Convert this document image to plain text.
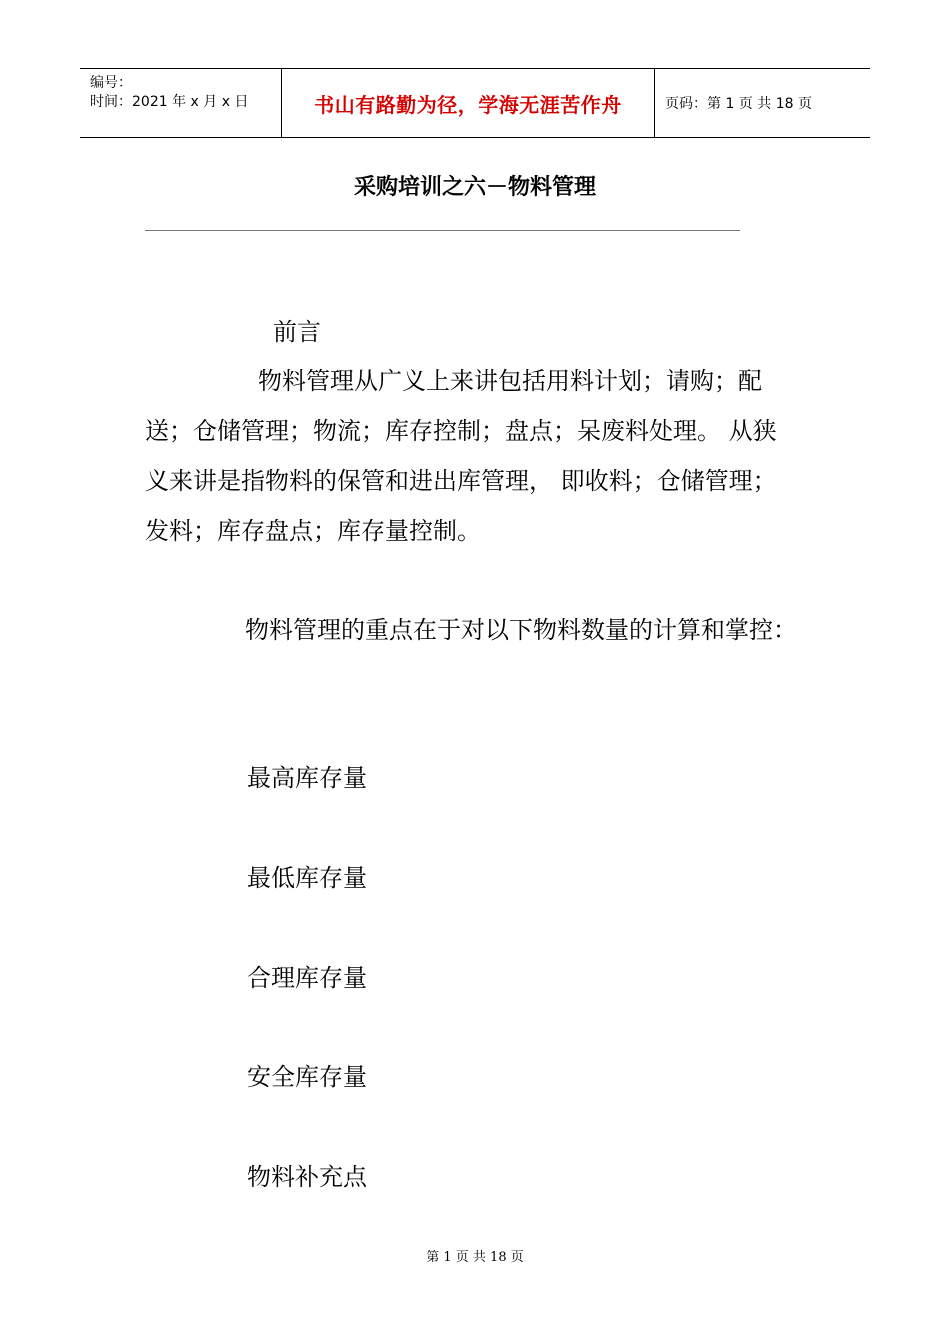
编号：
时间：2021 年 x 月 x 日	书山有路勤为径，学海无涯苦作舟	页码：第 1 页 共 18 页
采购培训之六－物料管理
前言
物料管理从广义上来讲包括用料计划；请购；配送；仓储管理；物流；库存控制；盘点；呆废料处理。 从狭义来讲是指物料的保管和进出库管理， 即收料；仓储管理；发料；库存盘点；库存量控制。
物料管理的重点在于对以下物料数量的计算和掌控：
最高库存量
最低库存量
合理库存量
安全库存量
物料补充点
第 1 页 共 18 页
